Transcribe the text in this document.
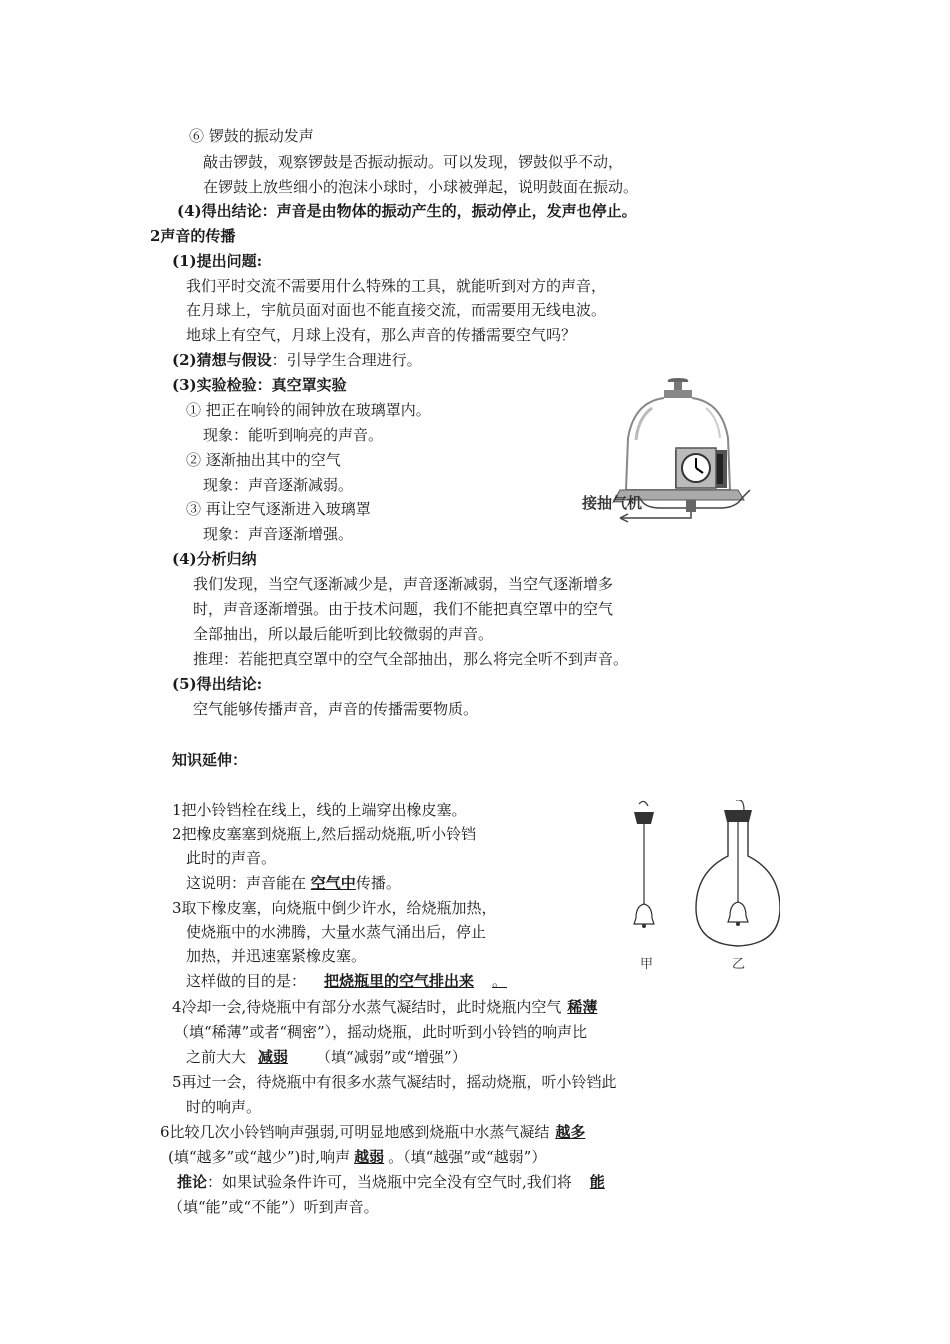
⑥ 锣鼓的振动发声
敲击锣鼓，观察锣鼓是否振动振动。可以发现，锣鼓似乎不动，
在锣鼓上放些细小的泡沫小球时，小球被弹起，说明鼓面在振动。
(4)得出结论：声音是由物体的振动产生的，振动停止，发声也停止。
2声音的传播
(1)提出问题:
我们平时交流不需要用什么特殊的工具，就能听到对方的声音，
在月球上，宇航员面对面也不能直接交流，而需要用无线电波。
地球上有空气，月球上没有，那么声音的传播需要空气吗？
(2)猜想与假设：引导学生合理进行。
(3)实验检验：真空罩实验
① 把正在响铃的闹钟放在玻璃罩内。
现象：能听到响亮的声音。
② 逐渐抽出其中的空气
现象：声音逐渐减弱。
③ 再让空气逐渐进入玻璃罩
现象：声音逐渐增强。
(4)分析归纳
我们发现，当空气逐渐减少是，声音逐渐减弱，当空气逐渐增多
时，声音逐渐增强。由于技术问题，我们不能把真空罩中的空气
全部抽出，所以最后能听到比较微弱的声音。
推理：若能把真空罩中的空气全部抽出，那么将完全听不到声音。
(5)得出结论:
空气能够传播声音，声音的传播需要物质。
接抽气机
知识延伸：
1把小铃铛栓在线上，线的上端穿出橡皮塞。
2把橡皮塞塞到烧瓶上,然后摇动烧瓶,听小铃铛
此时的声音。
这说明：声音能在 空气中传播。
3取下橡皮塞，向烧瓶中倒少许水，给烧瓶加热，
使烧瓶中的水沸腾，大量水蒸气涌出后，停止
加热，并迅速塞紧橡皮塞。
这样做的目的是： 把烧瓶里的空气排出来 。
4冷却一会,待烧瓶中有部分水蒸气凝结时，此时烧瓶内空气 稀薄
（填“稀薄”或者“稠密”），摇动烧瓶，此时听到小铃铛的响声比
之前大大 减弱 （填“减弱”或“增强”）
5再过一会，待烧瓶中有很多水蒸气凝结时，摇动烧瓶，听小铃铛此
时的响声。
6比较几次小铃铛响声强弱,可明显地感到烧瓶中水蒸气凝结 越多
(填“越多”或“越少”)时,响声 越弱 。（填“越强”或“越弱”）
推论：如果试验条件许可，当烧瓶中完全没有空气时,我们将 能
（填“能”或“不能”）听到声音。
甲	乙
